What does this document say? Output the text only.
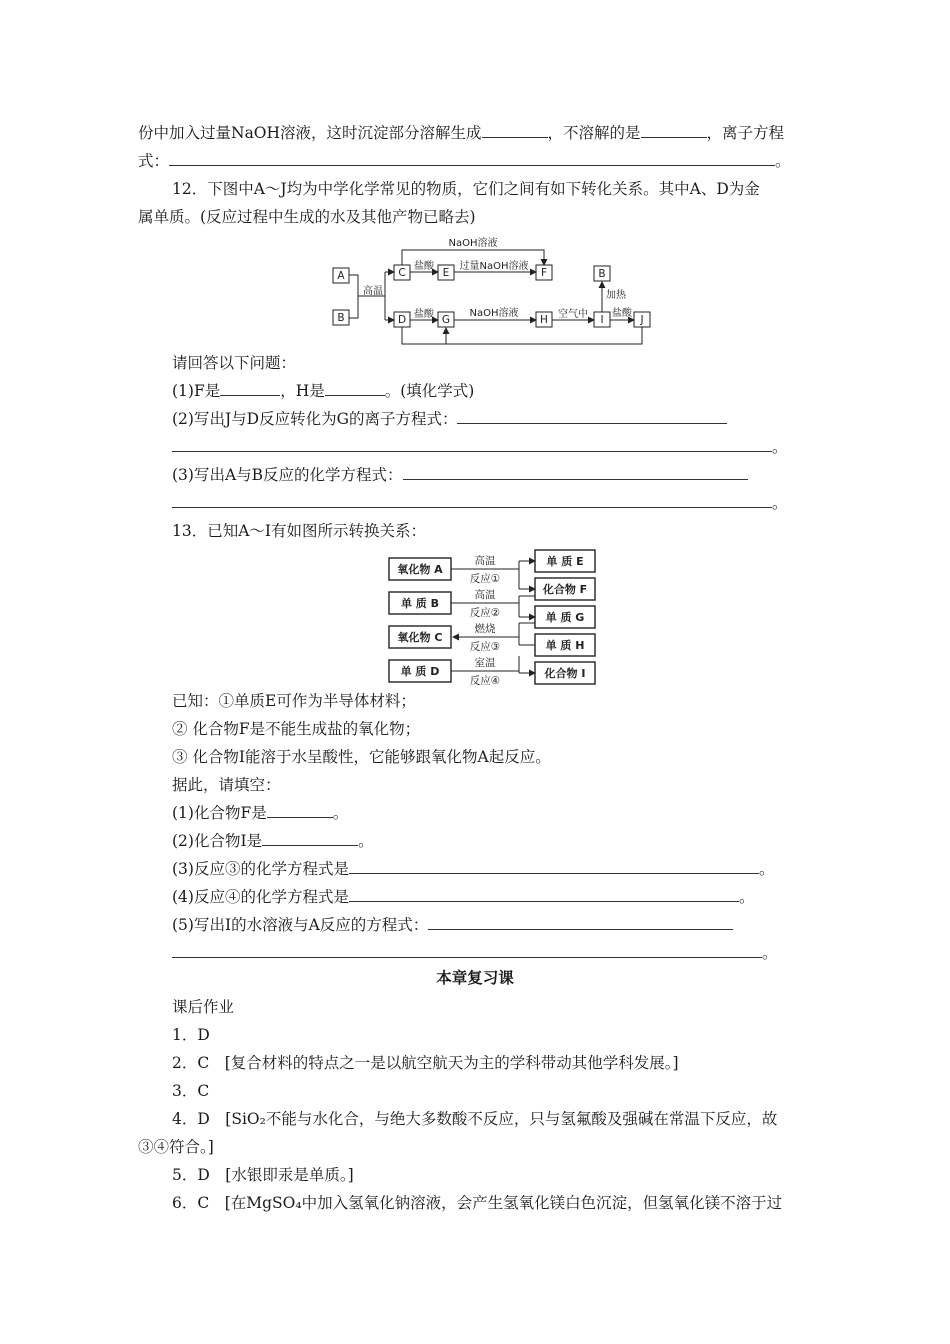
份中加入过量NaOH溶液，这时沉淀部分溶解生成	，不溶解的是	，离子方程
式：	。
12．下图中A～J均为中学化学常见的物质，它们之间有如下转化关系。其中A、D为金
属单质。(反应过程中生成的水及其他产物已略去)
A
B
C
D
E	F
G	H	I	J
B
NaOH溶液
高温
盐酸	过量NaOH溶液
盐酸	NaOH溶液	空气中
加热
盐酸
请回答以下问题：
(1)F是	，H是	。(填化学式)
(2)写出J与D反应转化为G的离子方程式：
。
(3)写出A与B反应的化学方程式：
。
13．已知A～I有如图所示转换关系：
氧化物 A
单 质 B
氧化物 C
单 质 D
单 质 E
化合物 F
单 质 G
单 质 H
化合物 I
高温
反应①
高温
反应②
燃烧
反应③
室温
反应④
已知：①单质E可作为半导体材料；
② 化合物F是不能生成盐的氧化物；
③ 化合物I能溶于水呈酸性，它能够跟氧化物A起反应。
据此，请填空：
(1)化合物F是	。
(2)化合物I是	。
(3)反应③的化学方程式是	。
(4)反应④的化学方程式是	。
(5)写出I的水溶液与A反应的方程式：
。
本章复习课
课后作业
1．D
2．C　[复合材料的特点之一是以航空航天为主的学科带动其他学科发展。]
3．C
4．D　[SiO₂不能与水化合，与绝大多数酸不反应，只与氢氟酸及强碱在常温下反应，故
③④符合。]
5．D　[水银即汞是单质。]
6．C　[在MgSO₄中加入氢氧化钠溶液，会产生氢氧化镁白色沉淀，但氢氧化镁不溶于过
